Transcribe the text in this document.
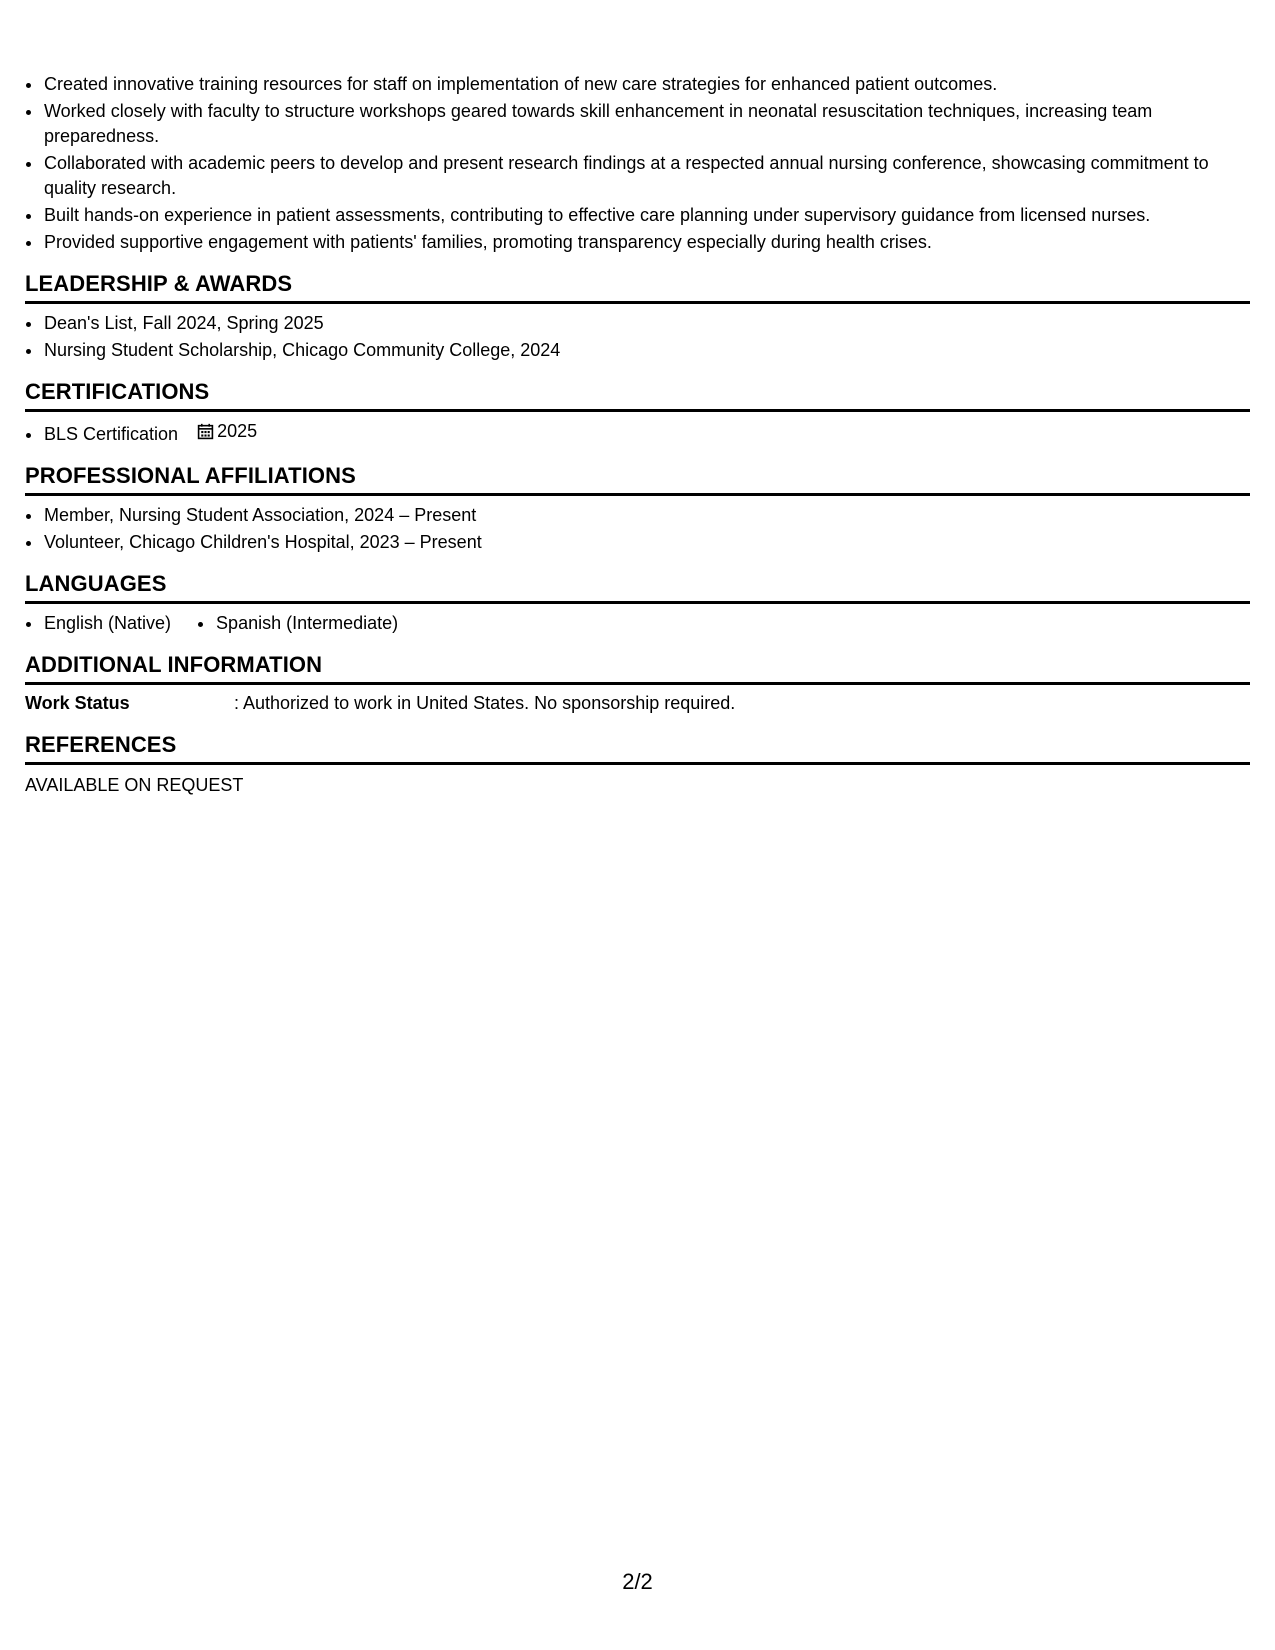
• Created innovative training resources for staff on implementation of new care strategies for enhanced patient outcomes.
• Worked closely with faculty to structure workshops geared towards skill enhancement in neonatal resuscitation techniques, increasing team preparedness.
• Collaborated with academic peers to develop and present research findings at a respected annual nursing conference, showcasing commitment to quality research.
• Built hands-on experience in patient assessments, contributing to effective care planning under supervisory guidance from licensed nurses.
• Provided supportive engagement with patients' families, promoting transparency especially during health crises.
LEADERSHIP & AWARDS
• Dean's List, Fall 2024, Spring 2025
• Nursing Student Scholarship, Chicago Community College, 2024
CERTIFICATIONS
• BLS Certification 2025
PROFESSIONAL AFFILIATIONS
• Member, Nursing Student Association, 2024 – Present
• Volunteer, Chicago Children's Hospital, 2023 – Present
LANGUAGES
• English (Native)
•	Spanish (Intermediate)
ADDITIONAL INFORMATION
Work Status	: Authorized to work in United States. No sponsorship required.
REFERENCES
AVAILABLE ON REQUEST
2/2
